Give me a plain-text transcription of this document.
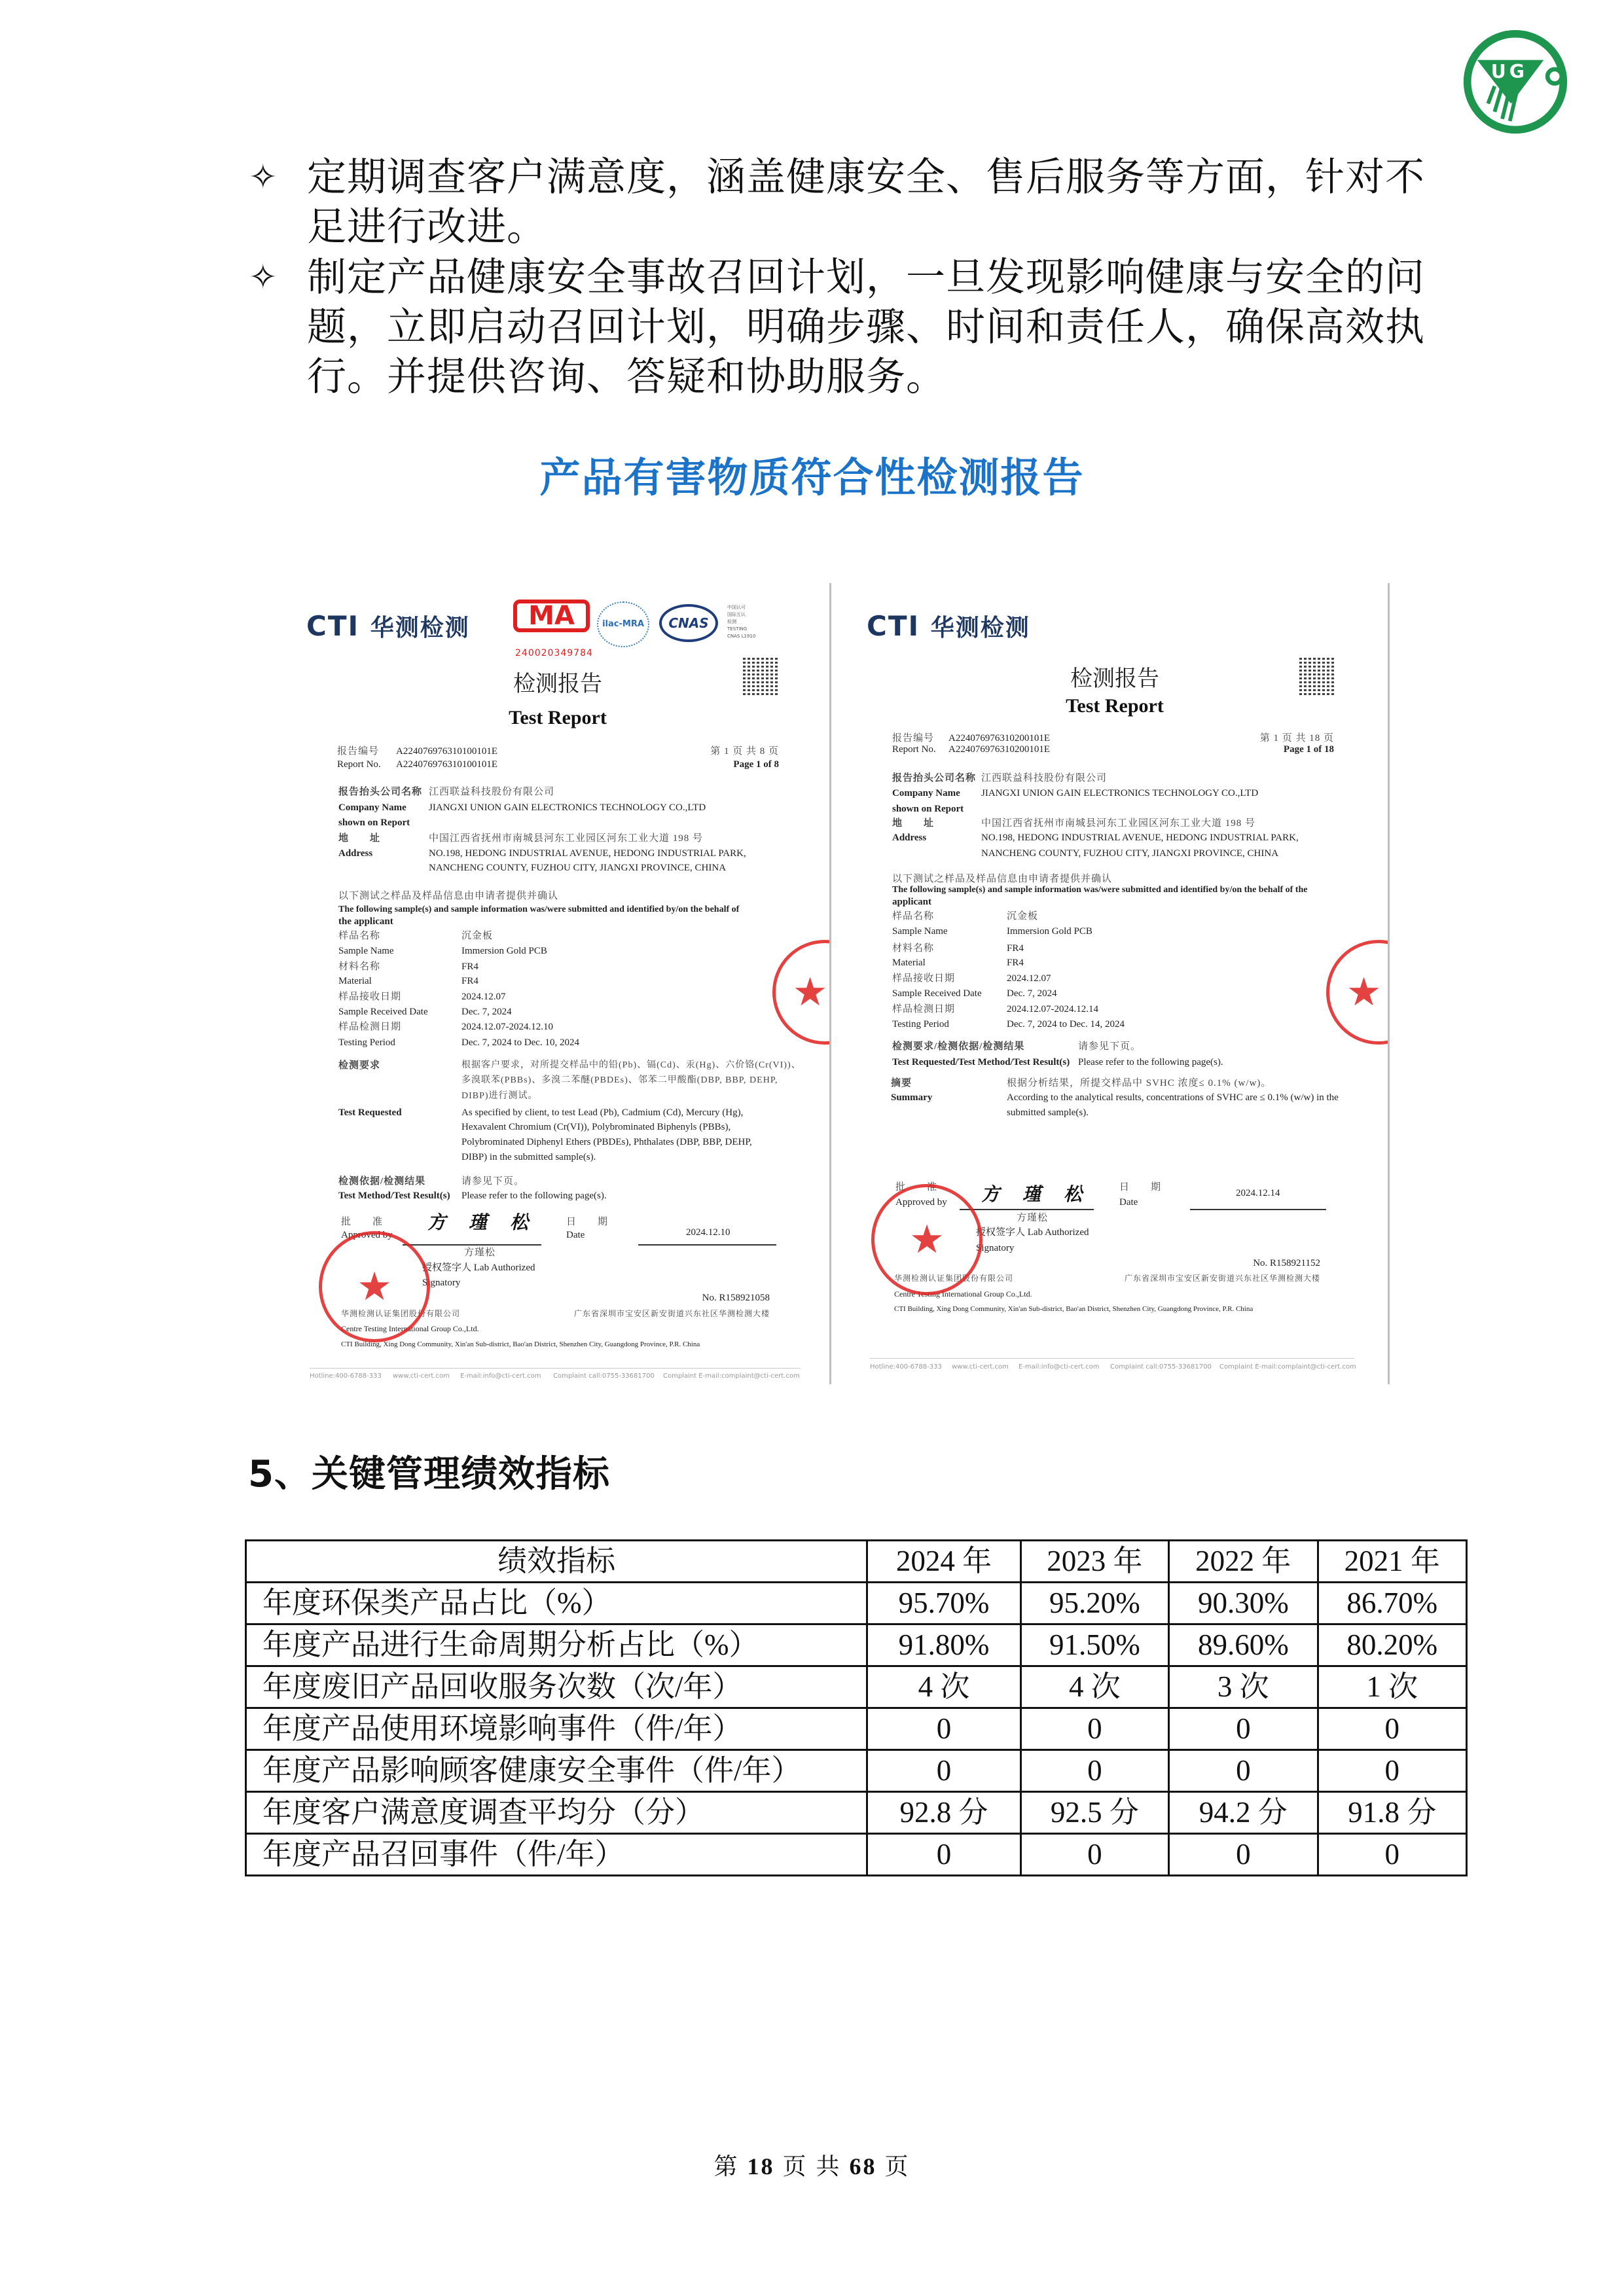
UG
✧ 定期调查客户满意度，涵盖健康安全、售后服务等方面，针对不
足进行改进。
✧ 制定产品健康安全事故召回计划，一旦发现影响健康与安全的问
题，立即启动召回计划，明确步骤、时间和责任人，确保高效执
行。并提供咨询、答疑和协助服务。
产品有害物质符合性检测报告
CTI 华测检测	MA
240020349784
ilac-MRA	CNAS
中国认可
国际互认
检测
TESTING
CNAS L1910
检测报告
Test Report
报告编号 A224076976310100101E
Report No. A224076976310100101E
第 1 页 共 8 页
Page 1 of 8
报告抬头公司名称 江西联益科技股份有限公司
Company Name JIANGXI UNION GAIN ELECTRONICS TECHNOLOGY CO.,LTD
shown on Report
地　　址	中国江西省抚州市南城县河东工业园区河东工业大道 198 号
Address	NO.198, HEDONG INDUSTRIAL AVENUE, HEDONG INDUSTRIAL PARK,
NANCHENG COUNTY, FUZHOU CITY, JIANGXI PROVINCE, CHINA
以下测试之样品及样品信息由申请者提供并确认
The following sample(s) and sample information was/were submitted and identified by/on the behalf of
the applicant
样品名称	沉金板
Sample Name	Immersion Gold PCB
材料名称	FR4
Material	FR4
样品接收日期	2024.12.07
Sample Received Date	Dec. 7, 2024
样品检测日期	2024.12.07-2024.12.10
Testing Period	Dec. 7, 2024 to Dec. 10, 2024
检测要求	根据客户要求，对所提交样品中的铅(Pb)、镉(Cd)、汞(Hg)、六价铬(Cr(VI))、
多溴联苯(PBBs)、多溴二苯醚(PBDEs)、邻苯二甲酸酯(DBP, BBP, DEHP,
DIBP)进行测试。
Test Requested	As specified by client, to test Lead (Pb), Cadmium (Cd), Mercury (Hg),
Hexavalent Chromium (Cr(VI)), Polybrominated Biphenyls (PBBs),
Polybrominated Diphenyl Ethers (PBDEs), Phthalates (DBP, BBP, DEHP,
DIBP) in the submitted sample(s).
检测依据/检测结果	请参见下页。
Test Method/Test Result(s) Please refer to the following page(s).
批　　准
Approved by
方 瑾 松	日　　期
Date	2024.12.10
方瑾松
授权签字人 Lab Authorized
Signatory
No. R158921058
华测检测认证集团股份有限公司	广东省深圳市宝安区新安街道兴东社区华测检测大楼
Centre Testing International Group Co.,Ltd.
CTI Building, Xing Dong Community, Xin'an Sub-district, Bao'an District, Shenzhen City, Guangdong Province, P.R. China
Hotline:400-6788-333 www.cti-cert.com E-mail:info@cti-cert.com Complaint call:0755-33681700 Complaint E-mail:complaint@cti-cert.com
★
★
CTI 华测检测
检测报告
Test Report
报告编号 A224076976310200101E
Report No. A224076976310200101E
第 1 页 共 18 页
Page 1 of 18
报告抬头公司名称 江西联益科技股份有限公司
Company Name JIANGXI UNION GAIN ELECTRONICS TECHNOLOGY CO.,LTD
shown on Report
地　　址	中国江西省抚州市南城县河东工业园区河东工业大道 198 号
Address	NO.198, HEDONG INDUSTRIAL AVENUE, HEDONG INDUSTRIAL PARK,
NANCHENG COUNTY, FUZHOU CITY, JIANGXI PROVINCE, CHINA
以下测试之样品及样品信息由申请者提供并确认
The following sample(s) and sample information was/were submitted and identified by/on the behalf of the
applicant
样品名称	沉金板
Sample Name	Immersion Gold PCB
材料名称	FR4
Material	FR4
样品接收日期	2024.12.07
Sample Received Date	Dec. 7, 2024
样品检测日期	2024.12.07-2024.12.14
Testing Period	Dec. 7, 2024 to Dec. 14, 2024
检测要求/检测依据/检测结果	请参见下页。
Test Requested/Test Method/Test Result(s) Please refer to the following page(s).
摘要
Summary
根据分析结果，所提交样品中 SVHC 浓度≤ 0.1% (w/w)。
According to the analytical results, concentrations of SVHC are ≤ 0.1% (w/w) in the
submitted sample(s).
批　　准
Approved by 方 瑾 松	日　　期
Date
2024.12.14
方瑾松
授权签字人 Lab Authorized
Signatory
No. R158921152
华测检测认证集团股份有限公司	广东省深圳市宝安区新安街道兴东社区华测检测大楼
Centre Testing International Group Co.,Ltd.
CTI Building, Xing Dong Community, Xin'an Sub-district, Bao'an District, Shenzhen City, Guangdong Province, P.R. China
Hotline:400-6788-333 www.cti-cert.com E-mail:info@cti-cert.com Complaint call:0755-33681700 Complaint E-mail:complaint@cti-cert.com
★
★
5、关键管理绩效指标
绩效指标	2024 年	2023 年	2022 年	2021 年
年度环保类产品占比（%）	95.70%	95.20%	90.30%	86.70%
年度产品进行生命周期分析占比（%）	91.80%	91.50%	89.60%	80.20%
年度废旧产品回收服务次数（次/年）	4 次	4 次	3 次	1 次
年度产品使用环境影响事件（件/年）	0	0	0	0
年度产品影响顾客健康安全事件（件/年）	0	0	0	0
年度客户满意度调查平均分（分）	92.8 分	92.5 分	94.2 分	91.8 分
年度产品召回事件（件/年）	0	0	0	0
第 18 页 共 68 页
